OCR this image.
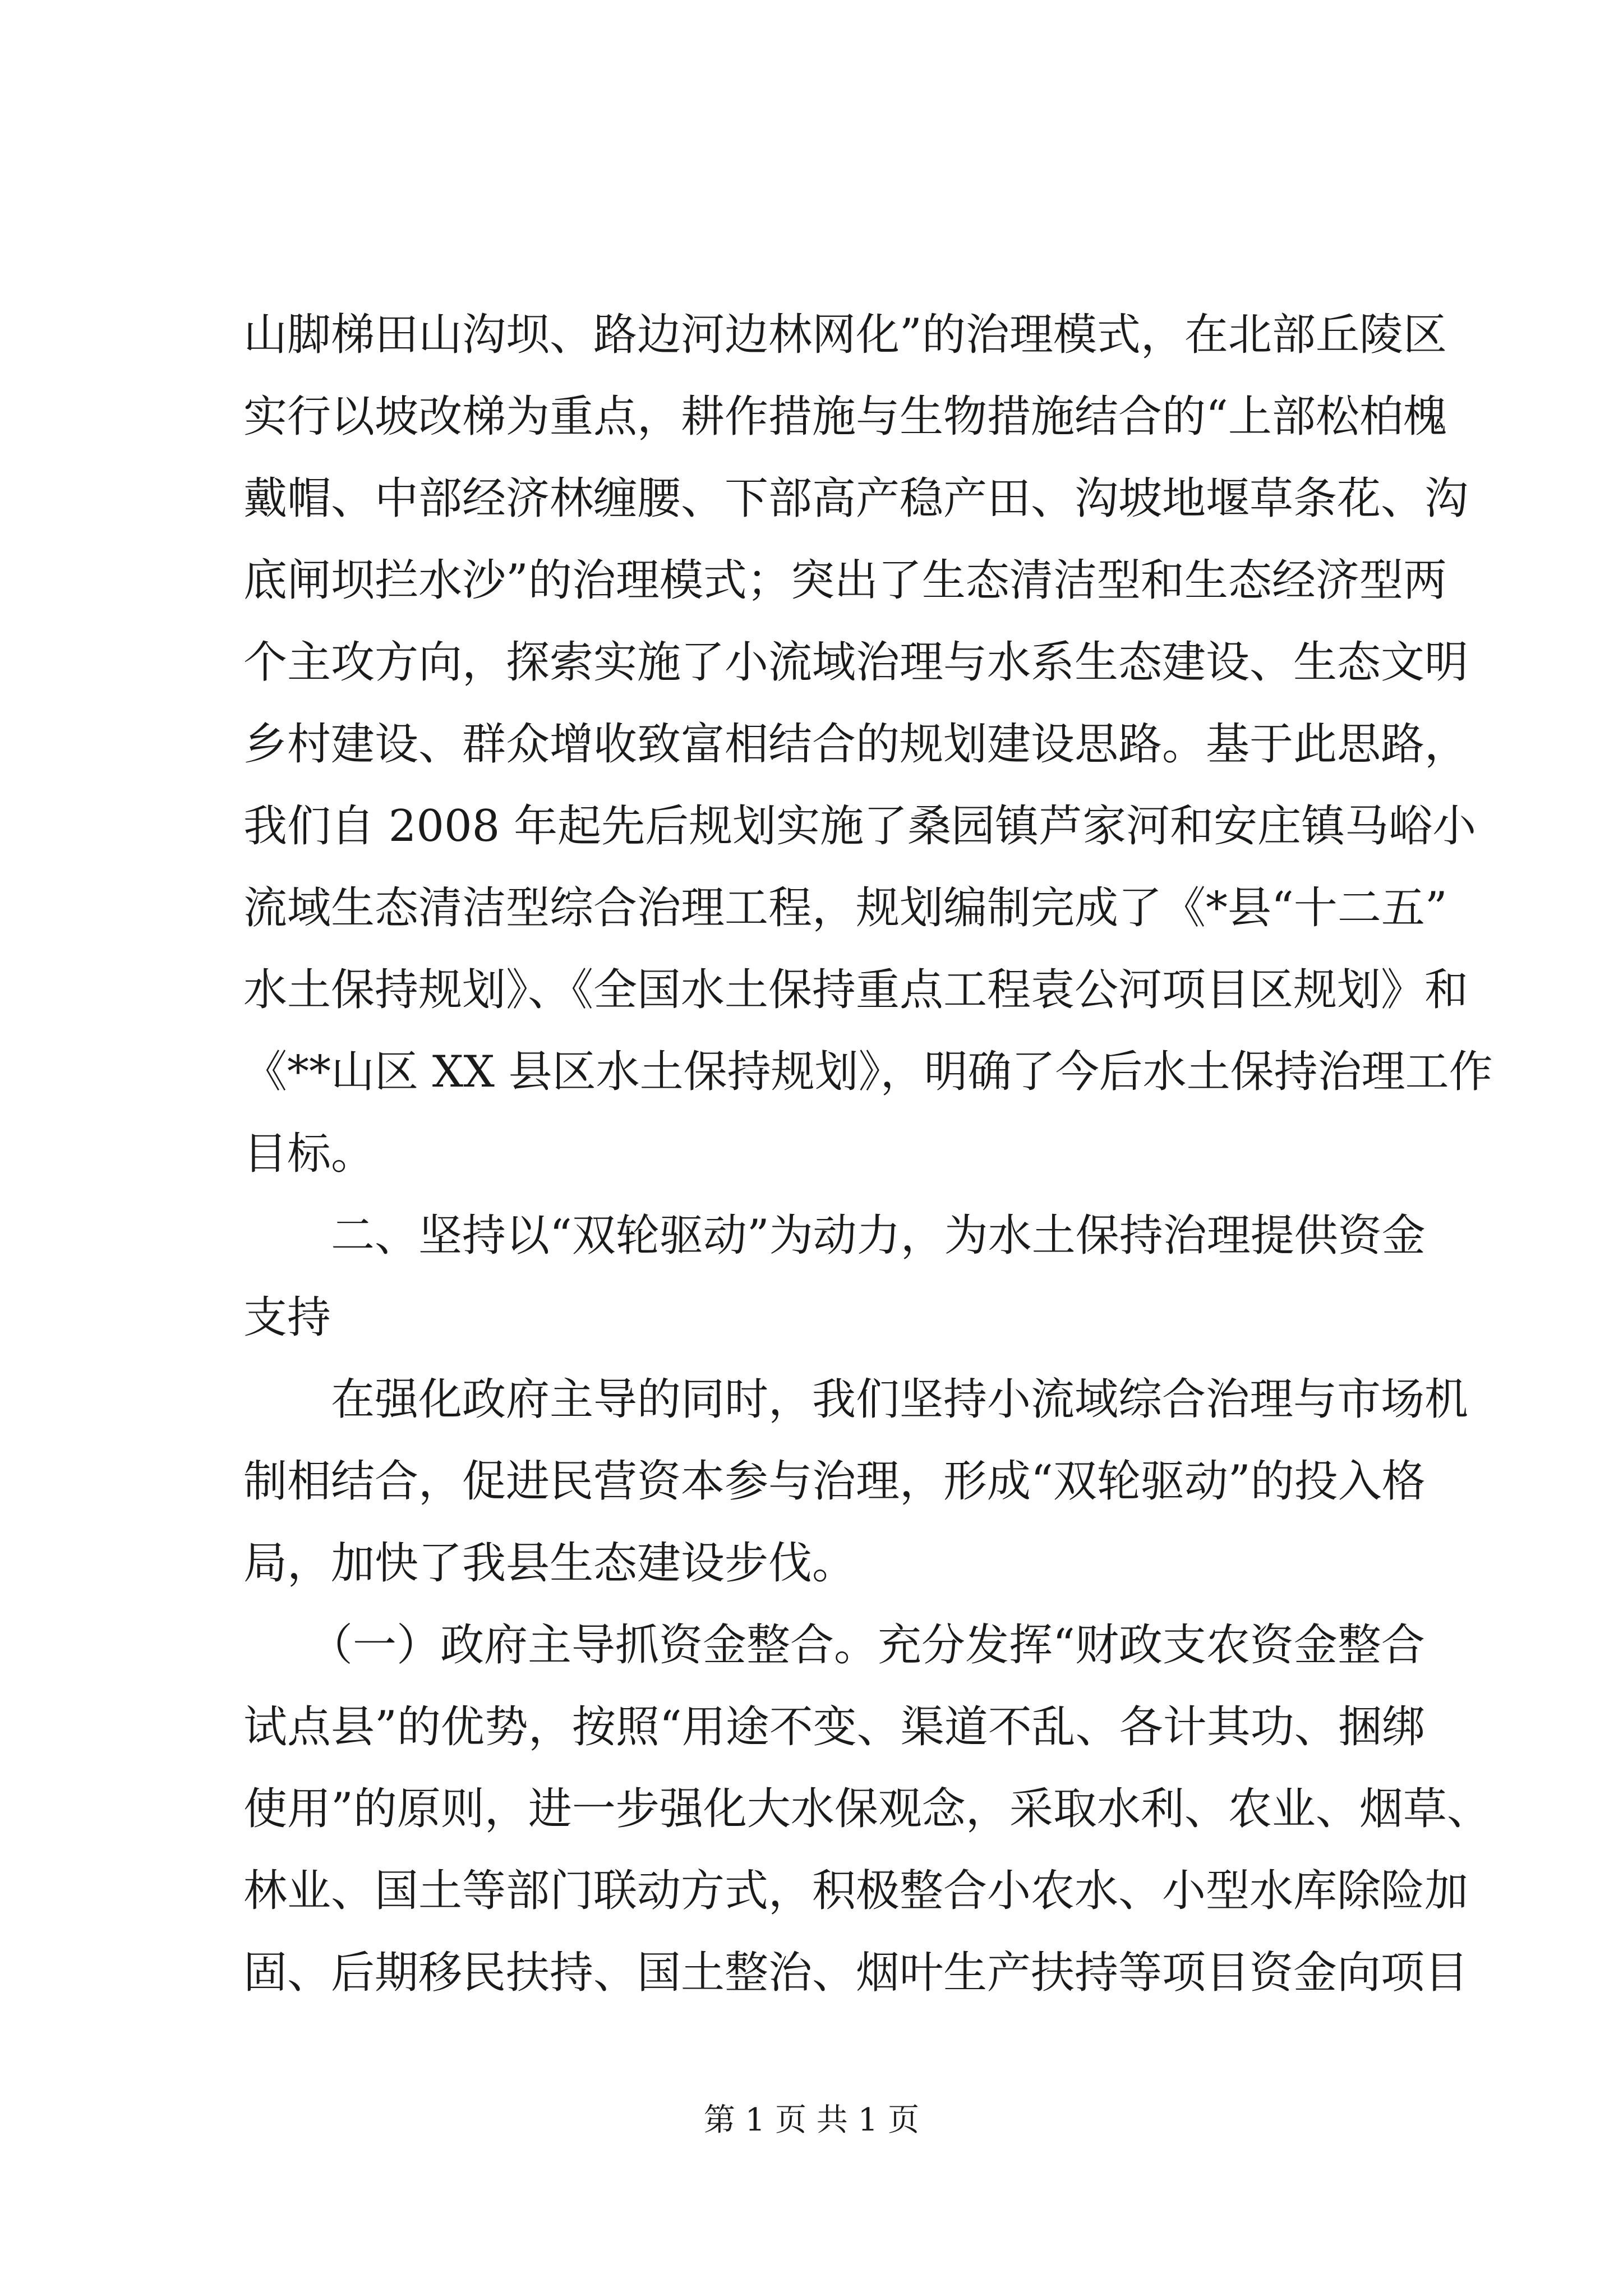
山脚梯田山沟坝、路边河边林网化”的治理模式，在北部丘陵区
实行以坡改梯为重点，耕作措施与生物措施结合的“上部松柏槐
戴帽、中部经济林缠腰、下部高产稳产田、沟坡地堰草条花、沟
底闸坝拦水沙”的治理模式；突出了生态清洁型和生态经济型两
个主攻方向，探索实施了小流域治理与水系生态建设、生态文明
乡村建设、群众增收致富相结合的规划建设思路。基于此思路，
我们自 2008 年起先后规划实施了桑园镇芦家河和安庄镇马峪小
流域生态清洁型综合治理工程，规划编制完成了《*县“十二五”
水土保持规划》、《全国水土保持重点工程袁公河项目区规划》和
《**山区 XX 县区水土保持规划》，明确了今后水土保持治理工作
目标。
　　二、坚持以“双轮驱动”为动力，为水土保持治理提供资金
支持
　　在强化政府主导的同时，我们坚持小流域综合治理与市场机
制相结合，促进民营资本参与治理，形成“双轮驱动”的投入格
局，加快了我县生态建设步伐。
　　（一）政府主导抓资金整合。充分发挥“财政支农资金整合
试点县”的优势，按照“用途不变、渠道不乱、各计其功、捆绑
使用”的原则，进一步强化大水保观念，采取水利、农业、烟草、
林业、国土等部门联动方式，积极整合小农水、小型水库除险加
固、后期移民扶持、国土整治、烟叶生产扶持等项目资金向项目
第 1 页 共 1 页
